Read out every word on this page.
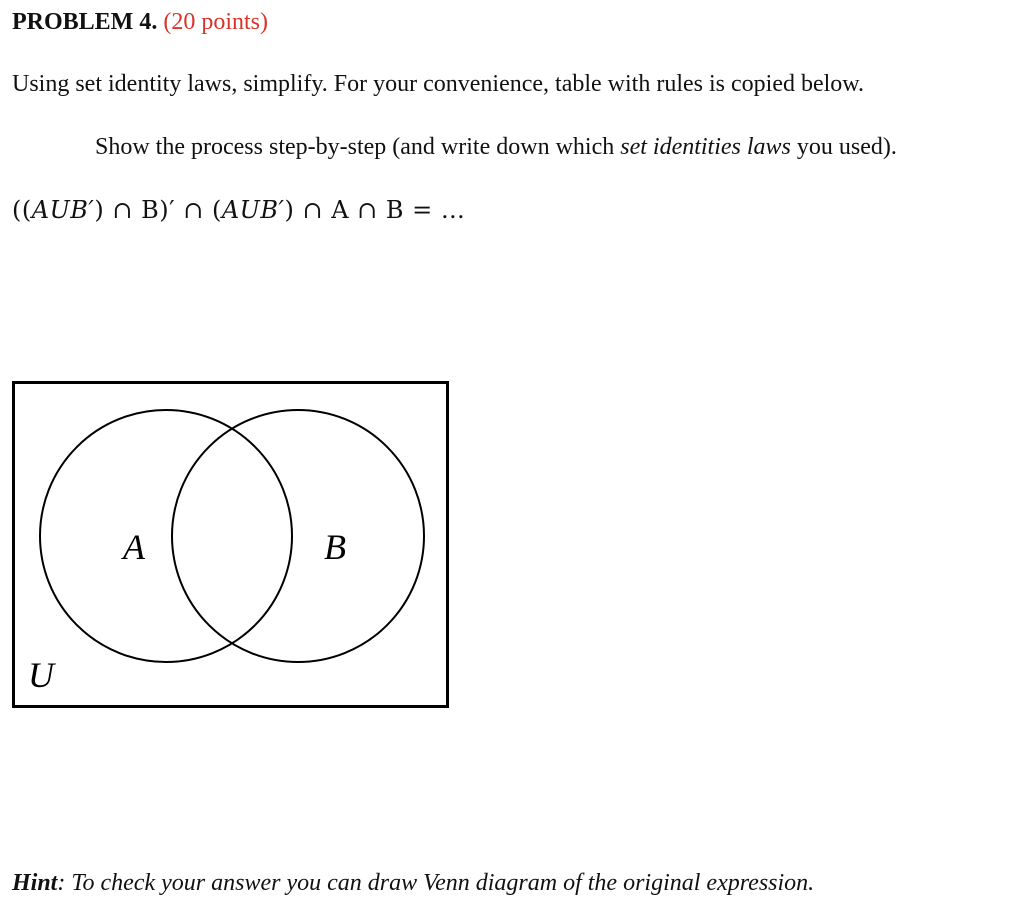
PROBLEM 4. (20 points)
Using set identity laws, simplify. For your convenience, table with rules is copied below.
Show the process step-by-step (and write down which set identities laws you used).
((AUB′) ∩ B)′ ∩ (AUB′) ∩ A ∩ B = …
A	B
U
Hint: To check your answer you can draw Venn diagram of the original expression.
